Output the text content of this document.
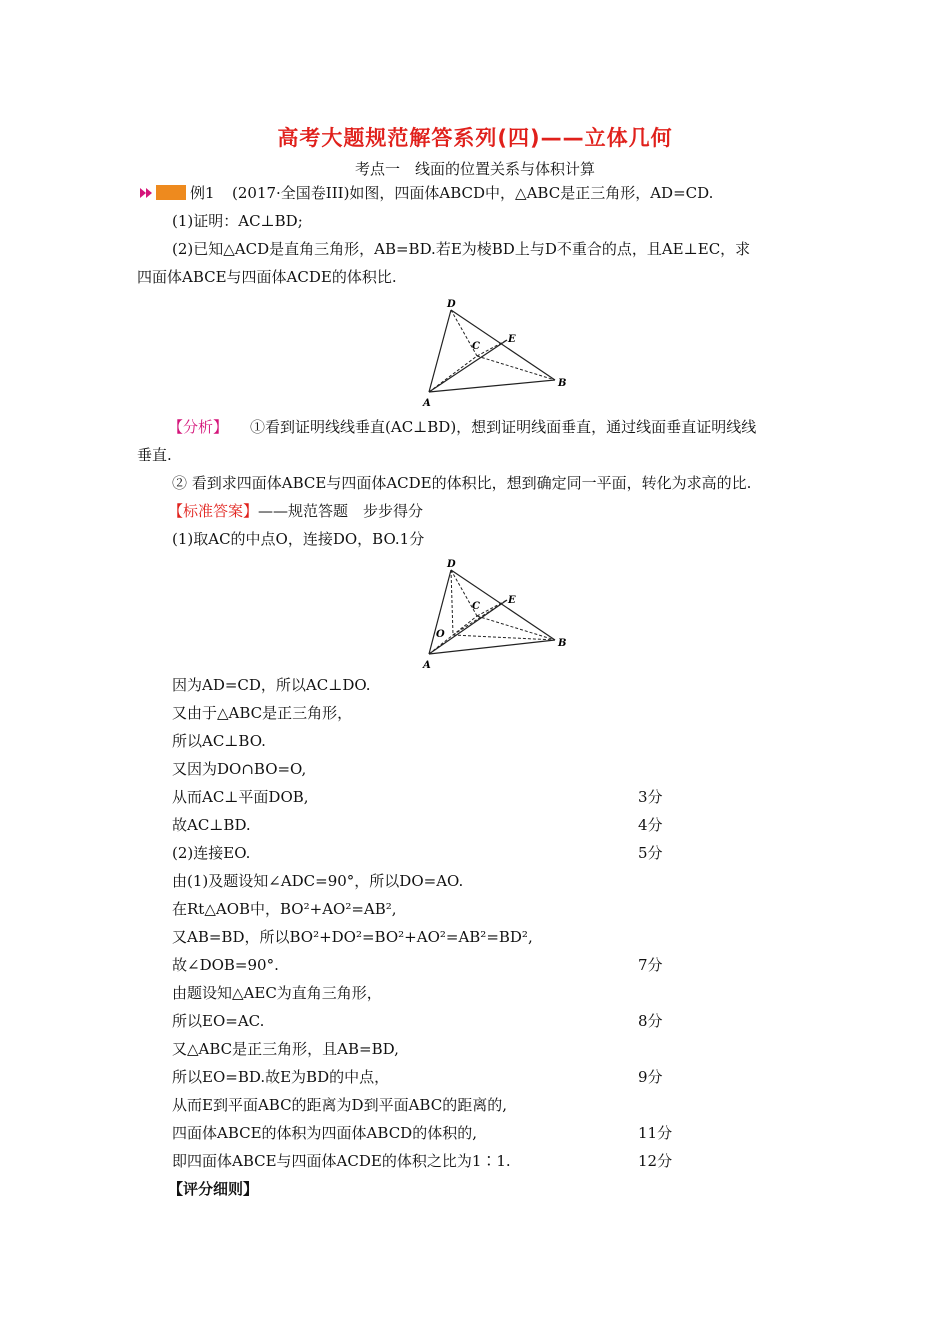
高考大题规范解答系列(四)——立体几何
考点一　线面的位置关系与体积计算
例1 (2017·全国卷III)如图，四面体ABCD中，△ABC是正三角形，AD=CD.
(1)证明：AC⊥BD;
(2)已知△ACD是直角三角形，AB=BD.若E为棱BD上与D不重合的点，且AE⊥EC，求
四面体ABCE与四面体ACDE的体积比.
D
C
E
B
A
【分析】 ①看到证明线线垂直(AC⊥BD)，想到证明线面垂直，通过线面垂直证明线线
垂直.
② 看到求四面体ABCE与四面体ACDE的体积比，想到确定同一平面，转化为求高的比.
【标准答案】——规范答题　步步得分
(1)取AC的中点O，连接DO，BO.1分
D
C
E
B
A
O
因为AD=CD，所以AC⊥DO.
又由于△ABC是正三角形，
所以AC⊥BO.
又因为DO∩BO=O,
从而AC⊥平面DOB,	3分
故AC⊥BD.	4分
(2)连接EO.	5分
由(1)及题设知∠ADC=90°，所以DO=AO.
在Rt△AOB中，BO²+AO²=AB²,
又AB=BD，所以BO²+DO²=BO²+AO²=AB²=BD²,
故∠DOB=90°.	7分
由题设知△AEC为直角三角形，
所以EO=AC.	8分
又△ABC是正三角形，且AB=BD,
所以EO=BD.故E为BD的中点，	9分
从而E到平面ABC的距离为D到平面ABC的距离的,
四面体ABCE的体积为四面体ABCD的体积的,	11分
即四面体ABCE与四面体ACDE的体积之比为1∶1.	12分
【评分细则】
